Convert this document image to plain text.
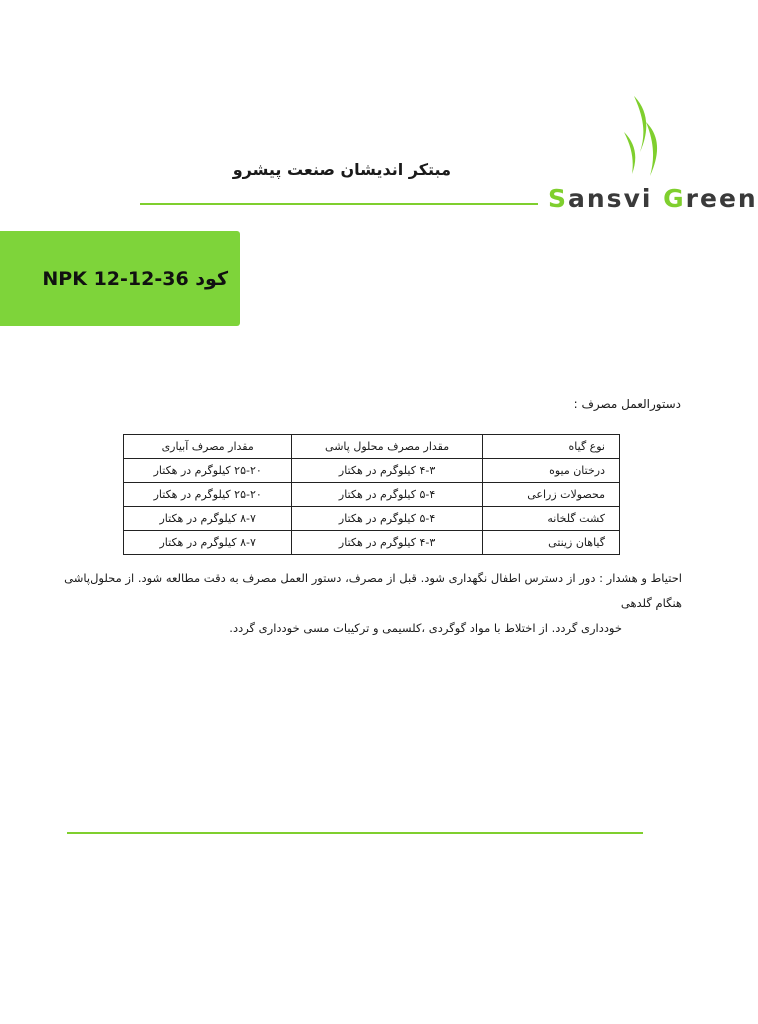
Sansvi Green
مبتکر اندیشان صنعت پیشرو
کود NPK 12-12-36
دستورالعمل مصرف :
نوع گیاه	مقدار مصرف محلول پاشی	مقدار مصرف آبیاری
درختان میوه	۴-۳ کیلوگرم در هکتار	۲۵-۲۰ کیلوگرم در هکتار
محصولات زراعی	۵-۴ کیلوگرم در هکتار	۲۵-۲۰ کیلوگرم در هکتار
کشت گلخانه	۵-۴ کیلوگرم در هکتار	۸-۷ کیلوگرم در هکتار
گیاهان زینتی	۴-۳ کیلوگرم در هکتار	۸-۷ کیلوگرم در هکتار

احتیاط و هشدار : دور از دسترس اطفال نگهداری شود. قبل از مصرف، دستور العمل مصرف به دقت مطالعه شود. از محلول‌پاشی هنگام گلدهی

خودداری گردد. از اختلاط با مواد گوگردی ،کلسیمی و ترکیبات مسی خودداری گردد.
